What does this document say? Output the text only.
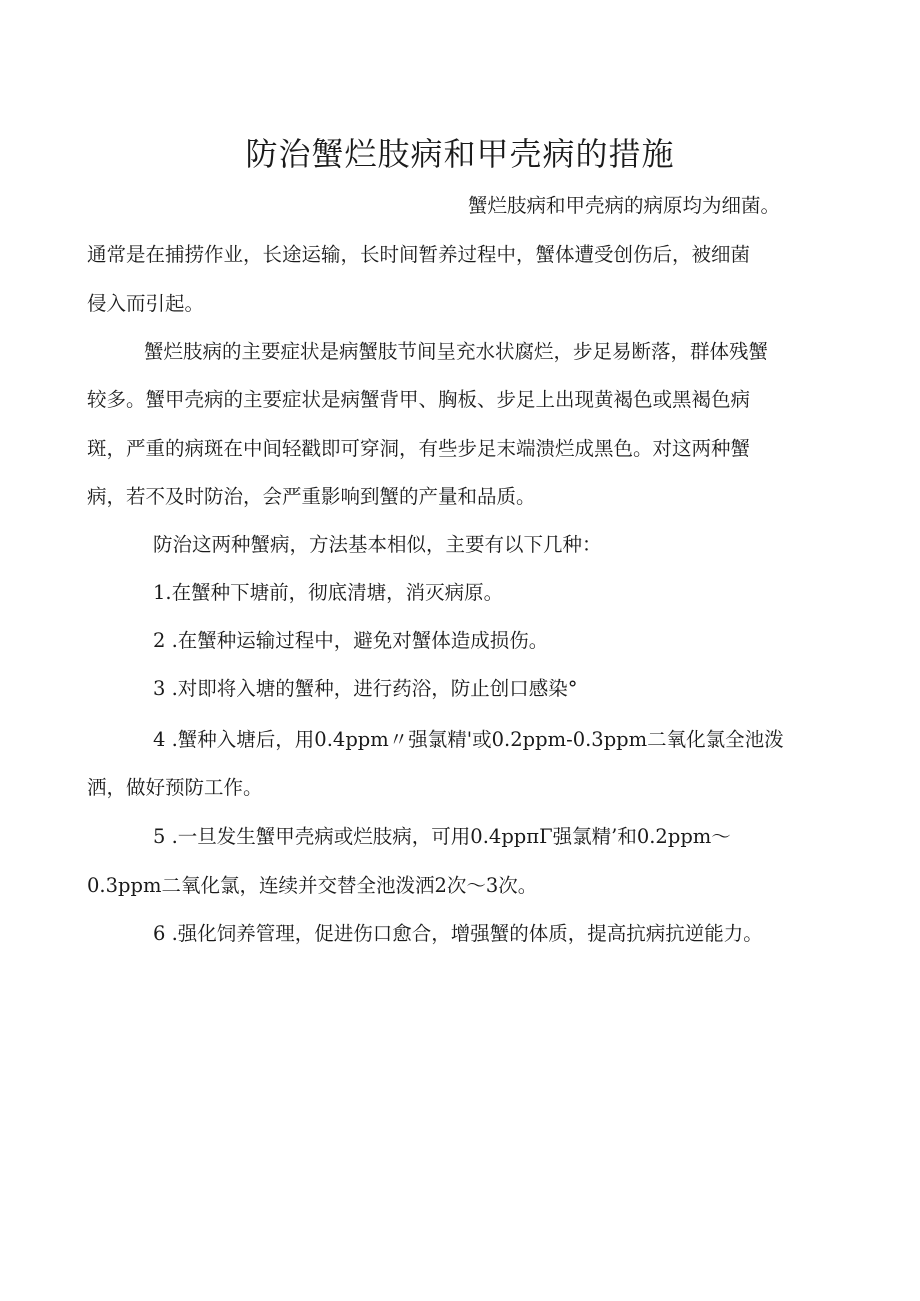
防治蟹烂肢病和甲壳病的措施
蟹烂肢病和甲壳病的病原均为细菌。
通常是在捕捞作业，长途运输，长时间暂养过程中，蟹体遭受创伤后，被细菌
侵入而引起。
蟹烂肢病的主要症状是病蟹肢节间呈充水状腐烂，步足易断落，群体残蟹
较多。蟹甲壳病的主要症状是病蟹背甲、胸板、步足上出现黄褐色或黑褐色病
斑，严重的病斑在中间轻戳即可穿洞，有些步足末端溃烂成黑色。对这两种蟹
病，若不及时防治，会严重影响到蟹的产量和品质。
防治这两种蟹病，方法基本相似，主要有以下几种：
1.在蟹种下塘前，彻底清塘，消灭病原。
2 .在蟹种运输过程中，避免对蟹体造成损伤。
3 .对即将入塘的蟹种，进行药浴，防止创口感染°
4 .蟹种入塘后，用0.4ppm〃强氯精'或0.2ppm-0.3ppm二氧化氯全池泼
洒，做好预防工作。
5 .一旦发生蟹甲壳病或烂肢病，可用0.4ppπΓ强氯精’和0.2ppm～
0.3ppm二氧化氯，连续并交替全池泼洒2次～3次。
6 .强化饲养管理，促进伤口愈合，增强蟹的体质，提高抗病抗逆能力。
